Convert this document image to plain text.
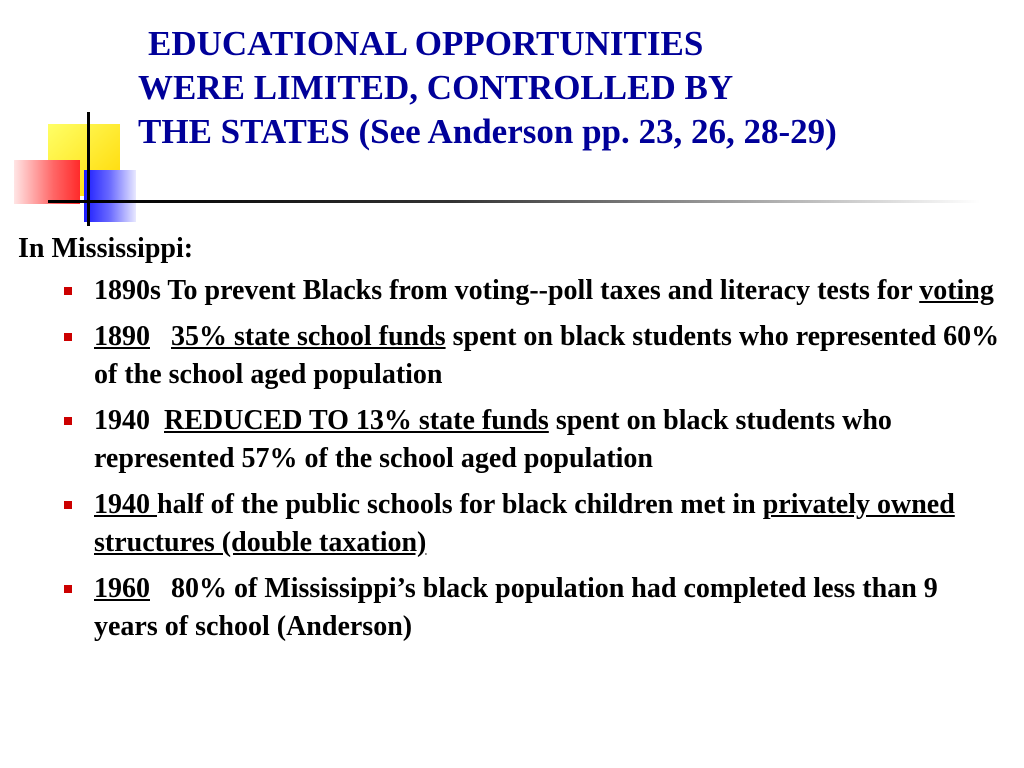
EDUCATIONAL OPPORTUNITIES
WERE LIMITED, CONTROLLED BY
THE STATES (See Anderson pp. 23, 26, 28-29)
In Mississippi:
1890s To prevent Blacks from voting--poll taxes and literacy tests for voting
1890 35% state school funds spent on black students who represented 60% of the school aged population
1940  REDUCED TO 13% state funds spent on black students who represented 57% of the school aged population
1940 half of the public schools for black children met in privately owned structures (double taxation)
1960   80% of Mississippi’s black population had completed less than 9 years of school (Anderson)
